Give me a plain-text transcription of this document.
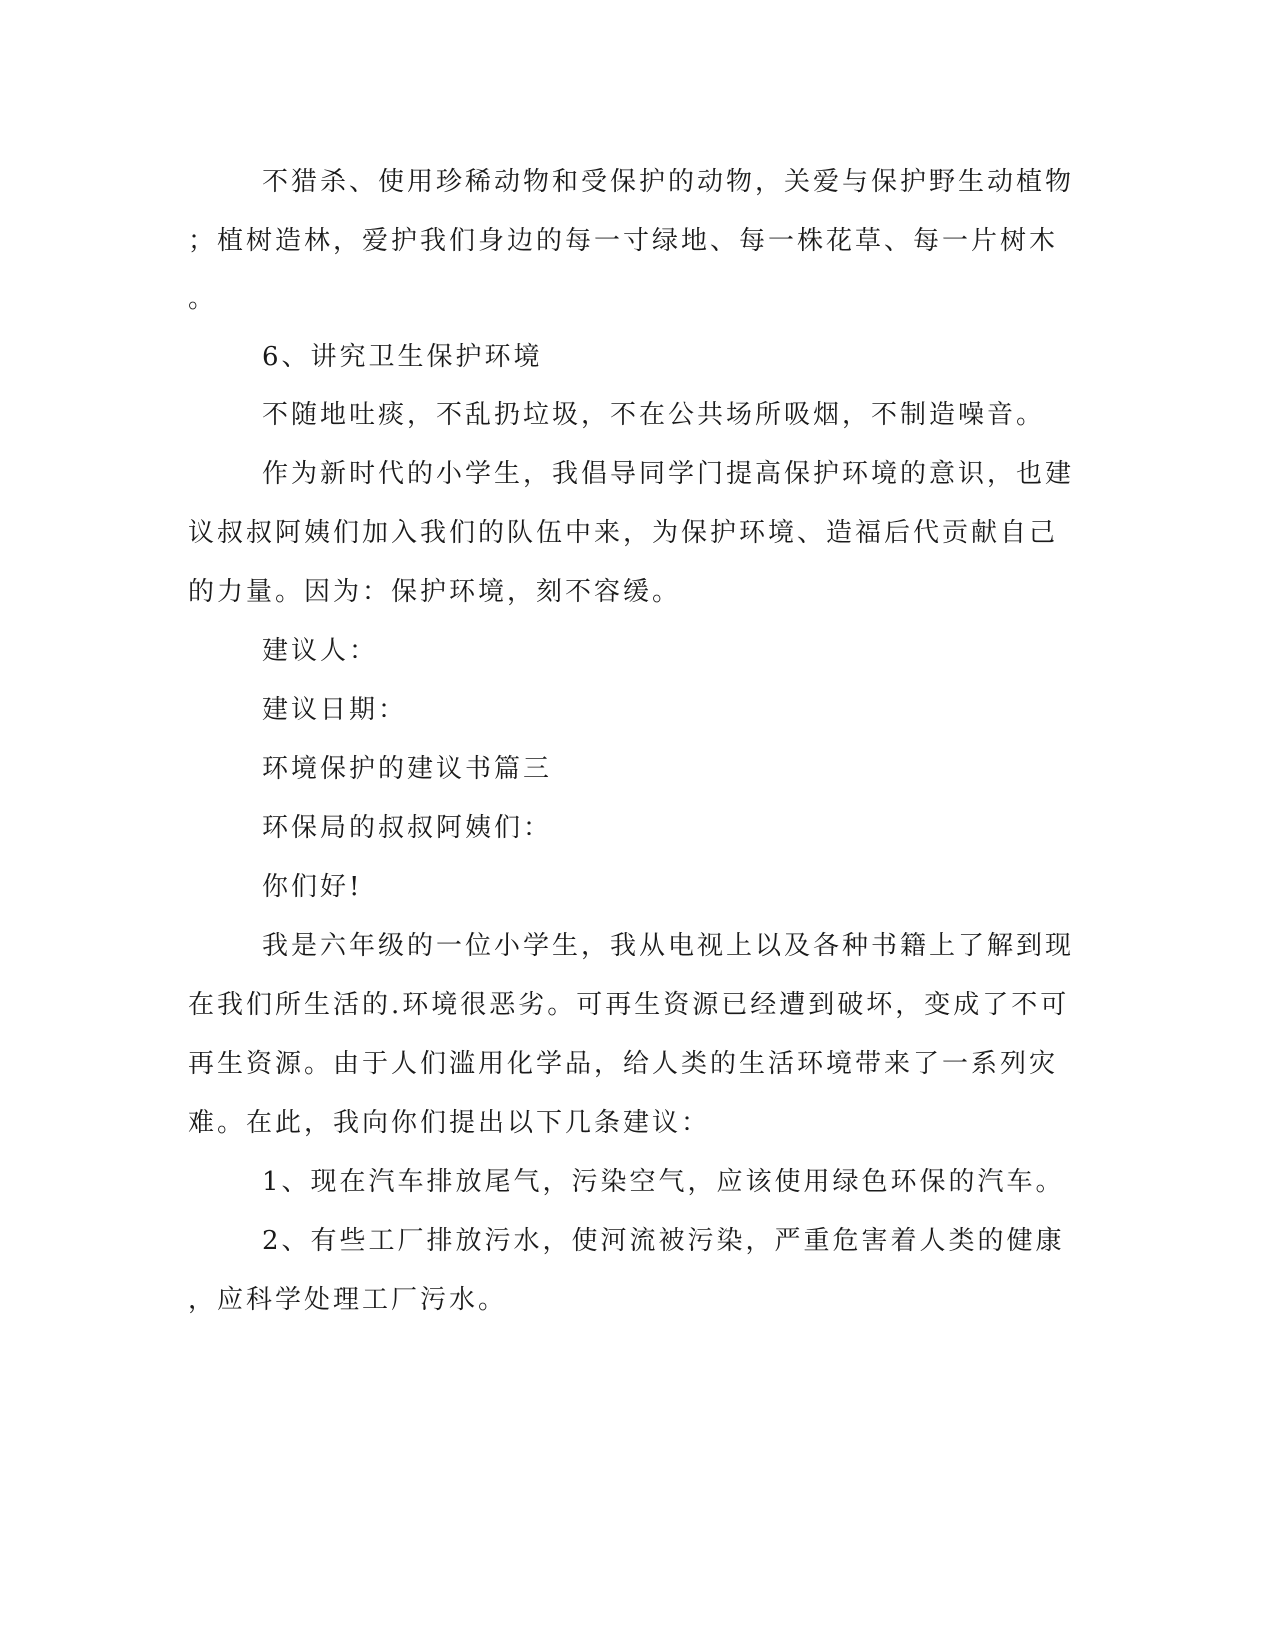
不猎杀、使用珍稀动物和受保护的动物，关爱与保护野生动植物
；植树造林，爱护我们身边的每一寸绿地、每一株花草、每一片树木
。
6、讲究卫生保护环境
不随地吐痰，不乱扔垃圾，不在公共场所吸烟，不制造噪音。
作为新时代的小学生，我倡导同学门提高保护环境的意识，也建
议叔叔阿姨们加入我们的队伍中来，为保护环境、造福后代贡献自己
的力量。因为：保护环境，刻不容缓。
建议人：
建议日期：
环境保护的建议书篇三
环保局的叔叔阿姨们：
你们好!
我是六年级的一位小学生，我从电视上以及各种书籍上了解到现
在我们所生活的.环境很恶劣。可再生资源已经遭到破坏，变成了不可
再生资源。由于人们滥用化学品，给人类的生活环境带来了一系列灾
难。在此，我向你们提出以下几条建议：
1、现在汽车排放尾气，污染空气，应该使用绿色环保的汽车。
2、有些工厂排放污水，使河流被污染，严重危害着人类的健康
，应科学处理工厂污水。
